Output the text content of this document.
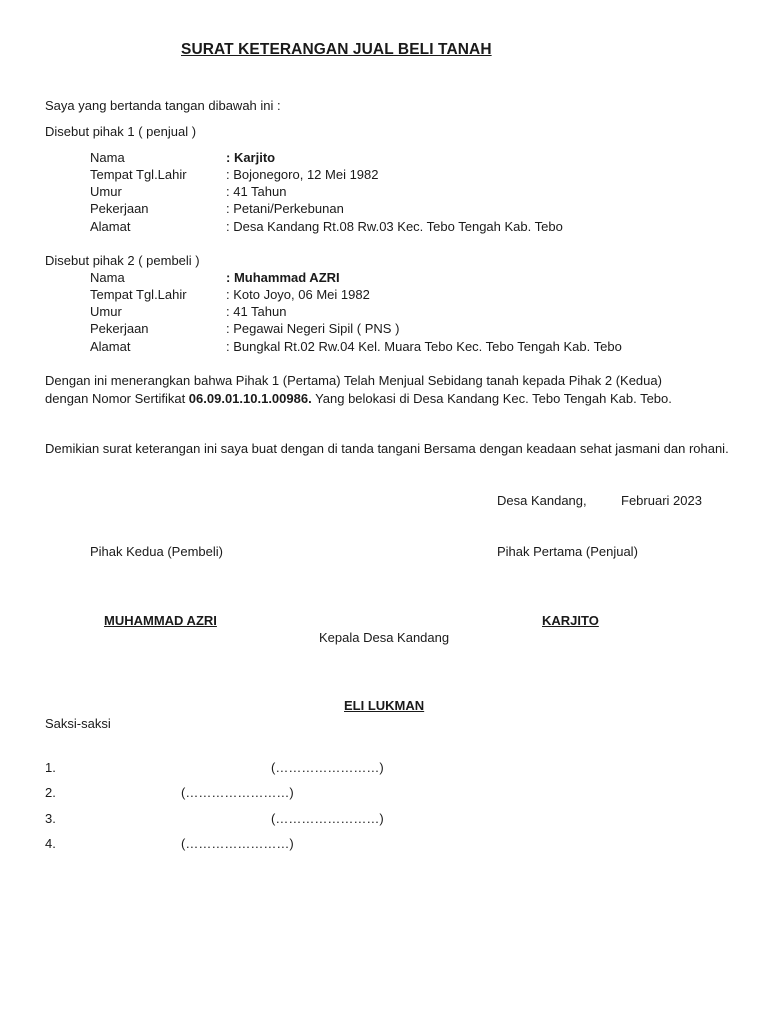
SURAT KETERANGAN JUAL BELI TANAH
Saya yang bertanda tangan dibawah ini :
Disebut pihak 1 ( penjual )
Nama	: Karjito
Tempat Tgl.Lahir	: Bojonegoro, 12 Mei 1982
Umur	: 41 Tahun
Pekerjaan	: Petani/Perkebunan
Alamat	: Desa Kandang Rt.08 Rw.03 Kec. Tebo Tengah Kab. Tebo
Disebut pihak 2 ( pembeli )
Nama	: Muhammad AZRI
Tempat Tgl.Lahir	: Koto Joyo, 06 Mei 1982
Umur	: 41 Tahun
Pekerjaan	: Pegawai Negeri Sipil ( PNS )
Alamat	: Bungkal Rt.02 Rw.04 Kel. Muara Tebo Kec. Tebo Tengah Kab. Tebo
Dengan ini menerangkan bahwa Pihak 1 (Pertama) Telah Menjual Sebidang tanah kepada Pihak 2 (Kedua)
dengan Nomor Sertifikat 06.09.01.10.1.00986. Yang belokasi di Desa Kandang Kec. Tebo Tengah Kab. Tebo.
Demikian surat keterangan ini saya buat dengan di tanda tangani Bersama dengan keadaan sehat jasmani dan rohani.
Desa Kandang,	Februari 2023
Pihak Kedua (Pembeli)	Pihak Pertama (Penjual)
MUHAMMAD AZRI	KARJITO
Kepala Desa Kandang
ELI LUKMAN
Saksi-saksi
1.	(……………………)
2.	(……………………)
3.	(……………………)
4.	(……………………)
